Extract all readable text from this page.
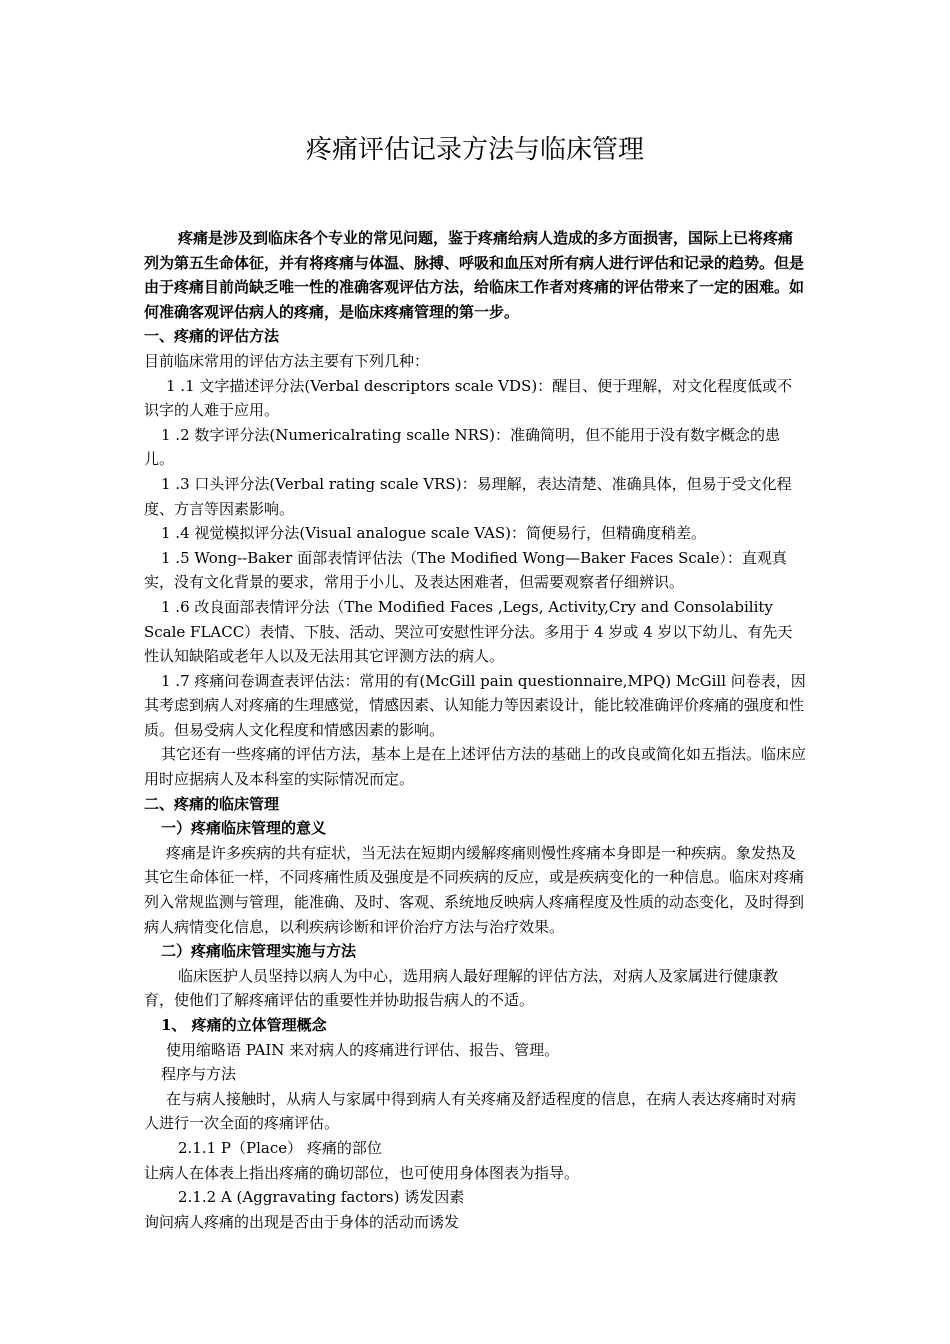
疼痛评估记录方法与临床管理

疼痛是涉及到临床各个专业的常见问题，鉴于疼痛给病人造成的多方面损害，国际上已将疼痛列为第五生命体征，并有将疼痛与体温、脉搏、呼吸和血压对所有病人进行评估和记录的趋势。但是由于疼痛目前尚缺乏唯一性的准确客观评估方法，给临床工作者对疼痛的评估带来了一定的困难。如何准确客观评估病人的疼痛，是临床疼痛管理的第一步。

一、疼痛的评估方法

目前临床常用的评估方法主要有下列几种：

1 .1 文字描述评分法(Verbal descriptors scale VDS)：醒目、便于理解，对文化程度低或不识字的人难于应用。

1 .2 数字评分法(Numericalrating scalle NRS)：准确简明，但不能用于没有数字概念的患儿。

1 .3 口头评分法(Verbal rating scale VRS)：易理解，表达清楚、准确具体，但易于受文化程度、方言等因素影响。

1 .4 视觉模拟评分法(Visual analogue scale VAS)：简便易行，但精确度稍差。

1 .5 Wong--Baker 面部表情评估法（The Modified Wong—Baker Faces Scale）：直观真实，没有文化背景的要求，常用于小儿、及表达困难者，但需要观察者仔细辨识。

1 .6 改良面部表情评分法（The Modified Faces ,Legs, Activity,Cry and Consolability Scale FLACC）表情、下肢、活动、哭泣可安慰性评分法。多用于 4 岁或 4 岁以下幼儿、有先天性认知缺陷或老年人以及无法用其它评测方法的病人。

1 .7 疼痛问卷调查表评估法：常用的有(McGill pain questionnaire,MPQ) McGill 问卷表，因其考虑到病人对疼痛的生理感觉，情感因素、认知能力等因素设计，能比较准确评价疼痛的强度和性质。但易受病人文化程度和情感因素的影响。

其它还有一些疼痛的评估方法，基本上是在上述评估方法的基础上的改良或简化如五指法。临床应用时应据病人及本科室的实际情况而定。

二、疼痛的临床管理
一）疼痛临床管理的意义

疼痛是许多疾病的共有症状，当无法在短期内缓解疼痛则慢性疼痛本身即是一种疾病。象发热及其它生命体征一样，不同疼痛性质及强度是不同疾病的反应，或是疾病变化的一种信息。临床对疼痛列入常规监测与管理，能准确、及时、客观、系统地反映病人疼痛程度及性质的动态变化，及时得到病人病情变化信息，以利疾病诊断和评价治疗方法与治疗效果。

二）疼痛临床管理实施与方法

临床医护人员坚持以病人为中心，选用病人最好理解的评估方法，对病人及家属进行健康教育，使他们了解疼痛评估的重要性并协助报告病人的不适。

1、 疼痛的立体管理概念

使用缩略语 PAIN 来对病人的疼痛进行评估、报告、管理。

程序与方法

在与病人接触时，从病人与家属中得到病人有关疼痛及舒适程度的信息，在病人表达疼痛时对病人进行一次全面的疼痛评估。

2.1.1 P（Place） 疼痛的部位

让病人在体表上指出疼痛的确切部位，也可使用身体图表为指导。

2.1.2 A (Aggravating factors) 诱发因素

询问病人疼痛的出现是否由于身体的活动而诱发
